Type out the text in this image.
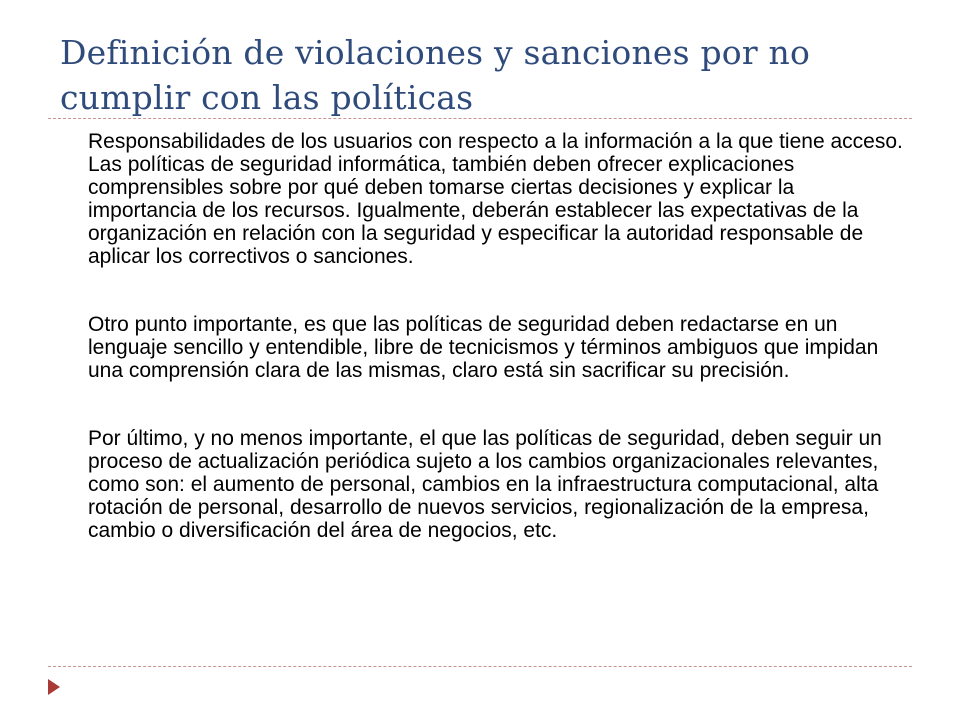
Definición de violaciones y sanciones por no cumplir con las políticas

Responsabilidades de los usuarios con respecto a la información a la que tiene acceso. Las políticas de seguridad informática, también deben ofrecer explicaciones comprensibles sobre por qué deben tomarse ciertas decisiones y explicar la importancia de los recursos. Igualmente, deberán establecer las expectativas de la organización en relación con la seguridad y especificar la autoridad responsable de aplicar los correctivos o sanciones.

Otro punto importante, es que las políticas de seguridad deben redactarse en un lenguaje sencillo y entendible, libre de tecnicismos y términos ambiguos que impidan una comprensión clara de las mismas, claro está sin sacrificar su precisión.

Por último, y no menos importante, el que las políticas de seguridad, deben seguir un proceso de actualización periódica sujeto a los cambios organizacionales relevantes, como son: el aumento de personal, cambios en la infraestructura computacional, alta rotación de personal, desarrollo de nuevos servicios, regionalización de la empresa, cambio o diversificación del área de negocios, etc.
